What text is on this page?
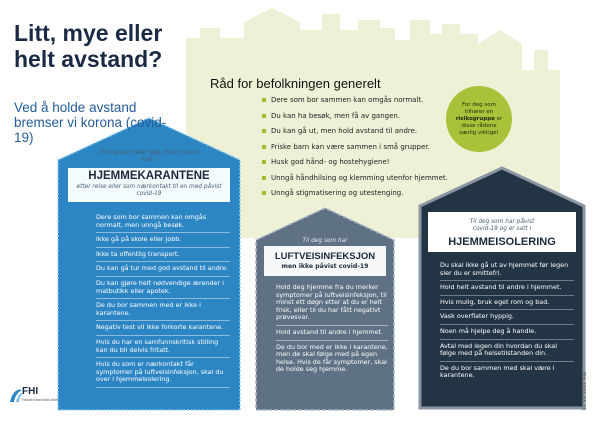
Litt, mye eller helt avstand?
Ved å holde avstand bremser vi korona (covid-19)
Råd for befolkningen generelt
Dere som bor sammen kan omgås normalt.
Du kan ha besøk, men få av gangen.
Du kan gå ut, men hold avstand til andre.
Friske barn kan være sammen i små grupper.
Husk god hånd- og hostehygiene!
Unngå håndhilsing og klemming utenfor hjemmet.
Unngå stigmatisering og utestenging.
For deg som tilhører en risikogruppe er disse rådene særlig viktige!
Til deg som føler deg frisk, men er satt i
HJEMMEKARANTENE
etter reise eller som nærkontakt til en med påvist covid-19
Dere som bor sammen kan omgås normalt, men unngå besøk.
Ikke gå på skole eller jobb.
Ikke ta offentlig transport.
Du kan gå tur med god avstand til andre.
Du kan gjøre helt nødvendige ærender i matbutikk eller apotek.
De du bor sammen med er ikke i karantene.
Negativ test vil ikke forkorte karantene.
Hvis du har en samfunnskritisk stilling kan du bli delvis fritatt.
Hvis du som er nærkontakt får symptomer på luftveisinfeksjon, skal du over i hjemmeisolering.
Til deg som har
LUFTVEISINFEKSJON
men ikke påvist covid-19
Hold deg hjemme fra du merker symptomer på luftveisinfeksjon, til minst ett døgn etter at du er helt frisk, eller til du har fått negativt prøvesvar.
Hold avstand til andre i hjemmet.
De du bor med er ikke i karantene, men de skal følge med på egen helse. Hvis de får symptomer, skal de holde seg hjemme.
Til deg som har påvist covid-19 og er satt i
HJEMMEISOLERING
Du skal ikke gå ut av hjemmet før legen sier du er smittefri.
Hold helt avstand til andre i hjemmet.
Hvis mulig, bruk eget rom og bad.
Vask overflater hyppig.
Noen må hjelpe deg å handle.
Avtal med legen din hvordan du skal følge med på helsetilstanden din.
De du bor sammen med skal være i karantene.
FHI
Folkehelseinstituttet	FHI 2020.03.23
